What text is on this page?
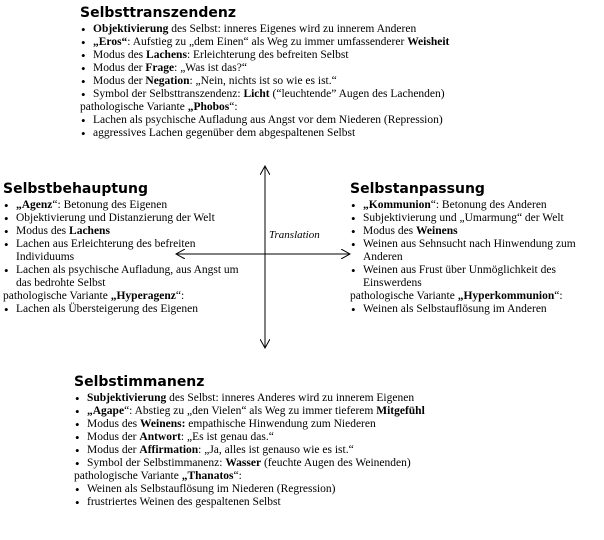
Translation
Selbsttranszendenz
• Objektivierung des Selbst: inneres Eigenes wird zu innerem Anderen
• „Eros“: Aufstieg zu „dem Einen“ als Weg zu immer umfassenderer Weisheit
• Modus des Lachens: Erleichterung des befreiten Selbst
• Modus der Frage: „Was ist das?“
• Modus der Negation: „Nein, nichts ist so wie es ist.“
• Symbol der Selbsttranszendenz: Licht (“leuchtende” Augen des Lachenden)
pathologische Variante „Phobos“:
• Lachen als psychische Aufladung aus Angst vor dem Niederen (Repression)
• aggressives Lachen gegenüber dem abgespaltenen Selbst
Selbstbehauptung
• „Agenz“: Betonung des Eigenen
• Objektivierung und Distanzierung der Welt
• Modus des Lachens
• Lachen aus Erleichterung des befreiten Individuums
• Lachen als psychische Aufladung, aus Angst um das bedrohte Selbst
pathologische Variante „Hyperagenz“:
• Lachen als Übersteigerung des Eigenen
Selbstanpassung
• „Kommunion“: Betonung des Anderen
• Subjektivierung und „Umarmung“ der Welt
• Modus des Weinens
• Weinen aus Sehnsucht nach Hinwendung zum Anderen
• Weinen aus Frust über Unmöglichkeit des Einswerdens
pathologische Variante „Hyperkommunion“:
• Weinen als Selbstauflösung im Anderen
Selbstimmanenz
• Subjektivierung des Selbst: inneres Anderes wird zu innerem Eigenen
• „Agape“: Abstieg zu „den Vielen“ als Weg zu immer tieferem Mitgefühl
• Modus des Weinens: empathische Hinwendung zum Niederen
• Modus der Antwort: „Es ist genau das.“
• Modus der Affirmation: „Ja, alles ist genauso wie es ist.“
• Symbol der Selbstimmanenz: Wasser (feuchte Augen des Weinenden)
pathologische Variante „Thanatos“:
• Weinen als Selbstauflösung im Niederen (Regression)
• frustriertes Weinen des gespaltenen Selbst
